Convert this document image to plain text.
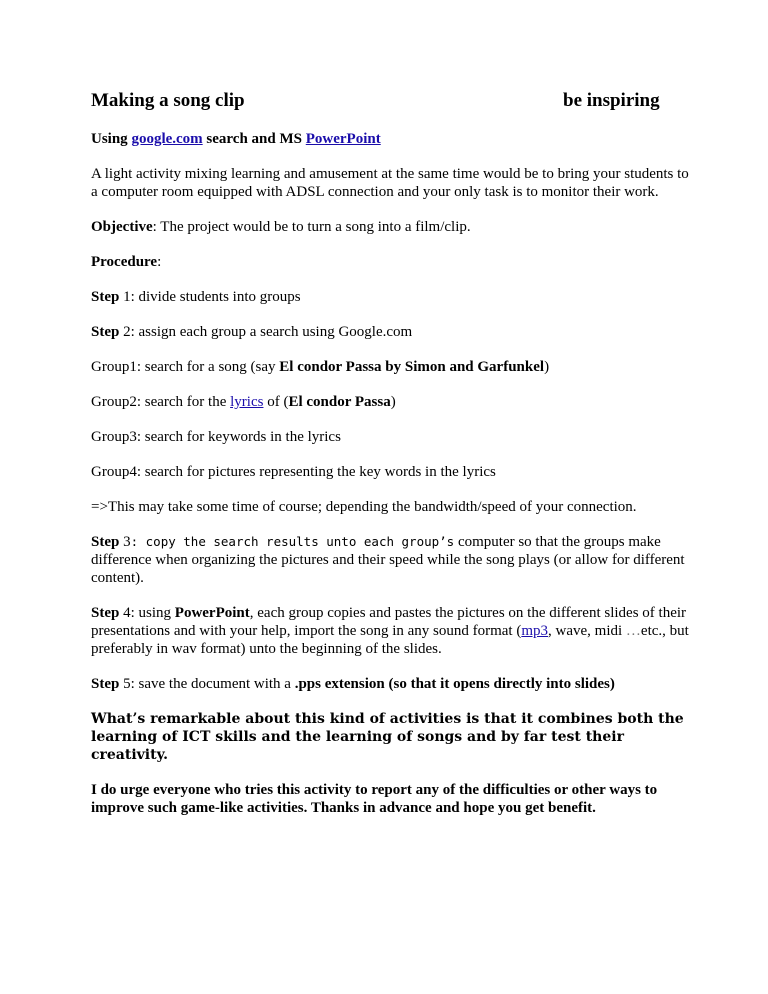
Making a song clip	be inspiring

Using google.com search and MS PowerPoint

A light activity mixing learning and amusement at the same time would be to bring your students to a computer room equipped with ADSL connection and your only task is to monitor their work.

Objective: The project would be to turn a song into a film/clip.

Procedure:

Step 1: divide students into groups

Step 2: assign each group a search using Google.com

Group1: search for a song (say El condor Passa by Simon and Garfunkel)

Group2: search for the lyrics of (El condor Passa)

Group3: search for keywords in the lyrics

Group4: search for pictures representing the key words in the lyrics

=>This may take some time of course; depending the bandwidth/speed of your connection.

Step 3: copy the search results unto each group’s computer so that the groups make difference when organizing the pictures and their speed while the song plays (or allow for different content).

Step 4: using PowerPoint, each group copies and pastes the pictures on the different slides of their presentations and with your help, import the song in any sound format (mp3, wave, midi …etc., but preferably in wav format) unto the beginning of the slides.

Step 5: save the document with a .pps extension (so that it opens directly into slides)

What’s remarkable about this kind of activities is that it combines both the learning of ICT skills and the learning of songs and by far test their creativity.

I do urge everyone who tries this activity to report any of the difficulties or other ways to improve such game-like activities. Thanks in advance and hope you get benefit.
